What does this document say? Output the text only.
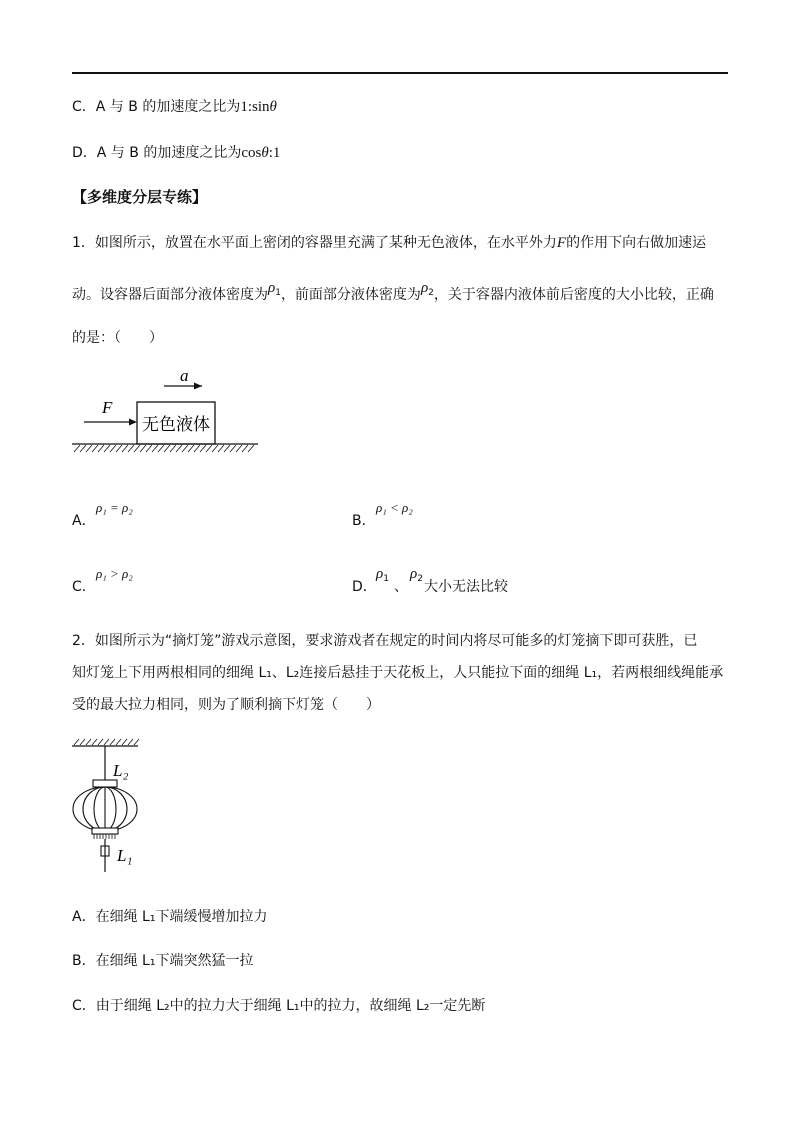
C．A 与 B 的加速度之比为1:sinθ
D．A 与 B 的加速度之比为cosθ:1
【多维度分层专练】
1．如图所示，放置在水平面上密闭的容器里充满了某种无色液体，在水平外力F的作用下向右做加速运
动。设容器后面部分液体密度为$\rho_1$，前面部分液体密度为$\rho_2$，关于容器内液体前后密度的大小比较，正确
的是：（　　）
a
F
无色液体
A．
ρ₁ = ρ₂
B．
ρ₁ < ρ₂
C．
ρ₁ > ρ₂
D．
$\rho_1$ 、
$\rho_2$ 大小无法比较
2．如图所示为“摘灯笼”游戏示意图，要求游戏者在规定的时间内将尽可能多的灯笼摘下即可获胜，已
知灯笼上下用两根相同的细绳 L₁、L₂连接后悬挂于天花板上，人只能拉下面的细绳 L₁，若两根细线绳能承
受的最大拉力相同，则为了顺利摘下灯笼（　　）
L₂
L₁
A．在细绳 L₁下端缓慢增加拉力
B．在细绳 L₁下端突然猛一拉
C．由于细绳 L₂中的拉力大于细绳 L₁中的拉力，故细绳 L₂一定先断
